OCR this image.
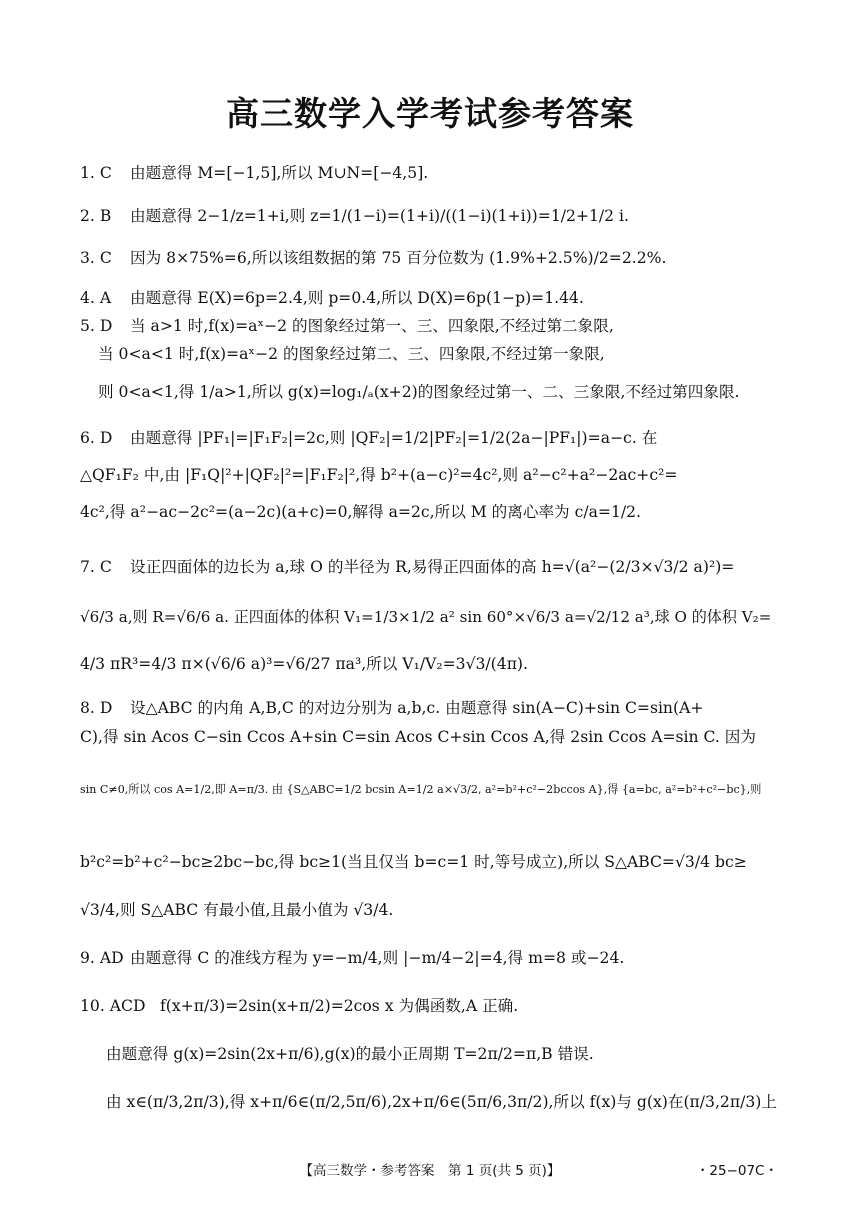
高三数学入学考试参考答案
1. C 由题意得 M=[−1,5],所以 M∪N=[−4,5].
2. B 由题意得 2−1/z=1+i,则 z=1/(1−i)=(1+i)/((1−i)(1+i))=1/2+1/2 i.
3. C 因为 8×75%=6,所以该组数据的第 75 百分位数为 (1.9%+2.5%)/2=2.2%.
4. A 由题意得 E(X)=6p=2.4,则 p=0.4,所以 D(X)=6p(1−p)=1.44.
5. D 当 a>1 时,f(x)=aˣ−2 的图象经过第一、三、四象限,不经过第二象限,
当 0<a<1 时,f(x)=aˣ−2 的图象经过第二、三、四象限,不经过第一象限,
则 0<a<1,得 1/a>1,所以 g(x)=log₁/ₐ(x+2)的图象经过第一、二、三象限,不经过第四象限.
6. D 由题意得 |PF₁|=|F₁F₂|=2c,则 |QF₂|=1/2|PF₂|=1/2(2a−|PF₁|)=a−c. 在
△QF₁F₂ 中,由 |F₁Q|²+|QF₂|²=|F₁F₂|²,得 b²+(a−c)²=4c²,则 a²−c²+a²−2ac+c²=
4c²,得 a²−ac−2c²=(a−2c)(a+c)=0,解得 a=2c,所以 M 的离心率为 c/a=1/2.
7. C 设正四面体的边长为 a,球 O 的半径为 R,易得正四面体的高 h=√(a²−(2/3×√3/2 a)²)=
√6/3 a,则 R=√6/6 a. 正四面体的体积 V₁=1/3×1/2 a² sin 60°×√6/3 a=√2/12 a³,球 O 的体积 V₂=
4/3 πR³=4/3 π×(√6/6 a)³=√6/27 πa³,所以 V₁/V₂=3√3/(4π).
8. D 设△ABC 的内角 A,B,C 的对边分别为 a,b,c. 由题意得 sin(A−C)+sin C=sin(A+
C),得 sin Acos C−sin Ccos A+sin C=sin Acos C+sin Ccos A,得 2sin Ccos A=sin C. 因为
sin C≠0,所以 cos A=1/2,即 A=π/3. 由 {S△ABC=1/2 bcsin A=1/2 a×√3/2, a²=b²+c²−2bccos A},得 {a=bc, a²=b²+c²−bc},则
b²c²=b²+c²−bc≥2bc−bc,得 bc≥1(当且仅当 b=c=1 时,等号成立),所以 S△ABC=√3/4 bc≥
√3/4,则 S△ABC 有最小值,且最小值为 √3/4.
9. AD 由题意得 C 的准线方程为 y=−m/4,则 |−m/4−2|=4,得 m=8 或−24.
10. ACD f(x+π/3)=2sin(x+π/2)=2cos x 为偶函数,A 正确.
由题意得 g(x)=2sin(2x+π/6),g(x)的最小正周期 T=2π/2=π,B 错误.
由 x∈(π/3,2π/3),得 x+π/6∈(π/2,5π/6),2x+π/6∈(5π/6,3π/2),所以 f(x)与 g(x)在(π/3,2π/3)上
【高三数学・参考答案　第 1 页(共 5 页)】	・25−07C・
